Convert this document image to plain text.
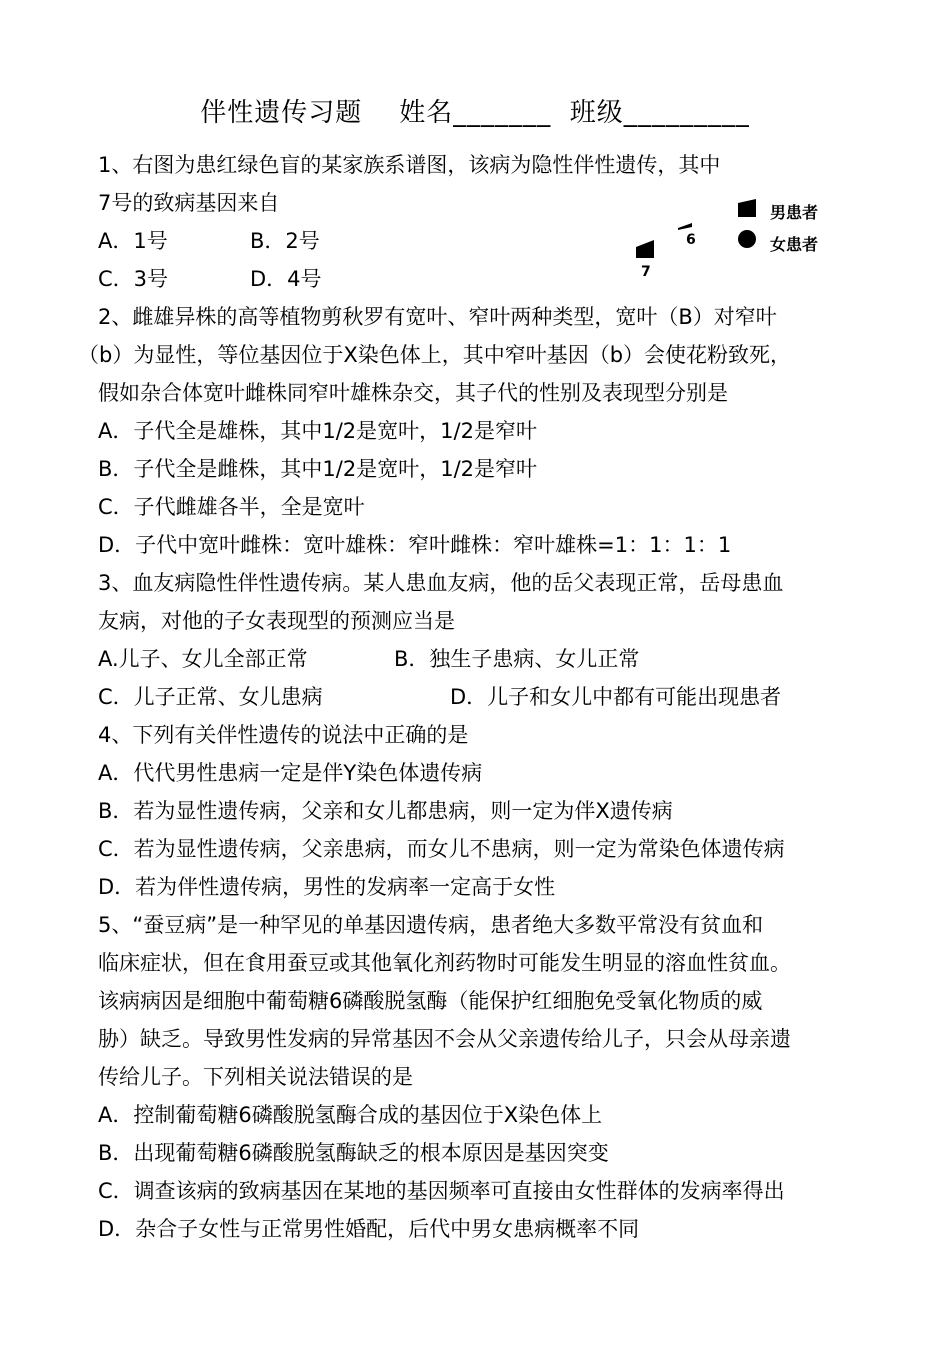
伴性遗传习题    姓名_______  班级_________
1、右图为患红绿色盲的某家族系谱图，该病为隐性伴性遗传，其中
7号的致病基因来自
A．1号	B．2号
C．3号	D．4号
男患者
女患者
6
7
2、雌雄异株的高等植物剪秋罗有宽叶、窄叶两种类型，宽叶（B）对窄叶
（b）为显性，等位基因位于X染色体上，其中窄叶基因（b）会使花粉致死，
假如杂合体宽叶雌株同窄叶雄株杂交，其子代的性别及表现型分别是
A．子代全是雄株，其中1/2是宽叶，1/2是窄叶
B．子代全是雌株，其中1/2是宽叶，1/2是窄叶
C．子代雌雄各半，全是宽叶
D．子代中宽叶雌株：宽叶雄株：窄叶雌株：窄叶雄株=1：1：1：1
3、血友病隐性伴性遗传病。某人患血友病，他的岳父表现正常，岳母患血
友病，对他的子女表现型的预测应当是
A.儿子、女儿全部正常	B．独生子患病、女儿正常
C．儿子正常、女儿患病	D．儿子和女儿中都有可能出现患者
4、下列有关伴性遗传的说法中正确的是
A．代代男性患病一定是伴Y染色体遗传病
B．若为显性遗传病，父亲和女儿都患病，则一定为伴X遗传病
C．若为显性遗传病，父亲患病，而女儿不患病，则一定为常染色体遗传病
D．若为伴性遗传病，男性的发病率一定高于女性
5、“蚕豆病”是一种罕见的单基因遗传病，患者绝大多数平常没有贫血和
临床症状，但在食用蚕豆或其他氧化剂药物时可能发生明显的溶血性贫血。
该病病因是细胞中葡萄糖6磷酸脱氢酶（能保护红细胞免受氧化物质的威
胁）缺乏。导致男性发病的异常基因不会从父亲遗传给儿子，只会从母亲遗
传给儿子。下列相关说法错误的是
A．控制葡萄糖6磷酸脱氢酶合成的基因位于X染色体上
B．出现葡萄糖6磷酸脱氢酶缺乏的根本原因是基因突变
C．调查该病的致病基因在某地的基因频率可直接由女性群体的发病率得出
D．杂合子女性与正常男性婚配，后代中男女患病概率不同
